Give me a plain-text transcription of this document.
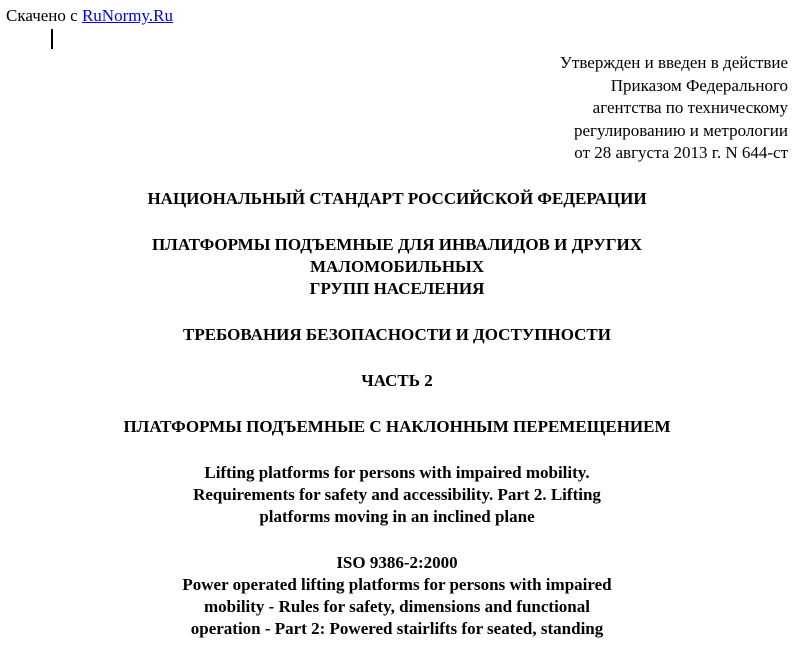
Скачено с RuNormy.Ru
Утвержден и введен в действие
Приказом Федерального
агентства по техническому
регулированию и метрологии
от 28 августа 2013 г. N 644-ст
НАЦИОНАЛЬНЫЙ СТАНДАРТ РОССИЙСКОЙ ФЕДЕРАЦИИ
ПЛАТФОРМЫ ПОДЪЕМНЫЕ ДЛЯ ИНВАЛИДОВ И ДРУГИХ
МАЛОМОБИЛЬНЫХ
ГРУПП НАСЕЛЕНИЯ
ТРЕБОВАНИЯ БЕЗОПАСНОСТИ И ДОСТУПНОСТИ
ЧАСТЬ 2
ПЛАТФОРМЫ ПОДЪЕМНЫЕ С НАКЛОННЫМ ПЕРЕМЕЩЕНИЕМ
Lifting platforms for persons with impaired mobility.
Requirements for safety and accessibility. Part 2. Lifting
platforms moving in an inclined plane
ISO 9386-2:2000
Power operated lifting platforms for persons with impaired
mobility - Rules for safety, dimensions and functional
operation - Part 2: Powered stairlifts for seated, standing
